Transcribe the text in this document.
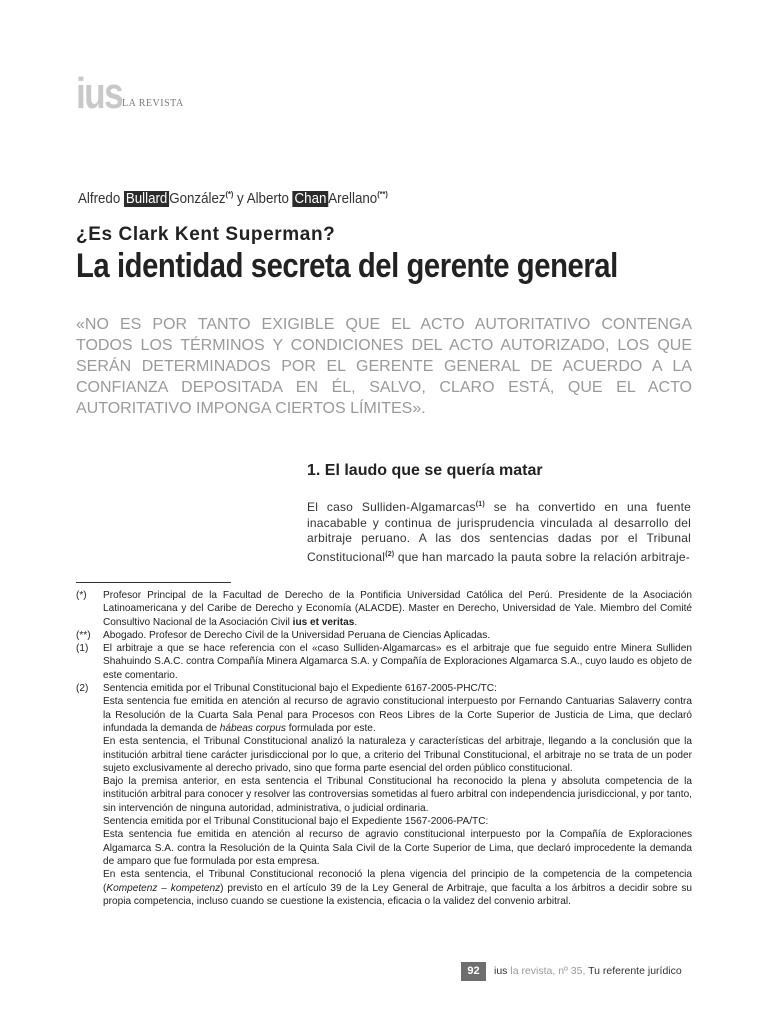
ius LA REVISTA
Alfredo Bullard González(*) y Alberto Chan Arellano(**)
¿Es Clark Kent Superman?
La identidad secreta del gerente general
«NO ES POR TANTO EXIGIBLE QUE EL ACTO AUTORITATIVO CONTENGA TODOS LOS TÉRMINOS Y CONDICIONES DEL ACTO AUTORIZADO, LOS QUE SERÁN DETERMINADOS POR EL GERENTE GENERAL DE ACUERDO A LA CONFIANZA DEPOSITADA EN ÉL, SALVO, CLARO ESTÁ, QUE EL ACTO AUTORITATIVO IMPONGA CIERTOS LÍMITES».
1. El laudo que se quería matar
El caso Sulliden-Algamarcas$^{(1)}$ se ha convertido en una fuente inacabable y continua de jurisprudencia vinculada al desarrollo del arbitraje peruano. A las dos sentencias dadas por el Tribunal Constitucional$^{(2)}$ que han marcado la pauta sobre la relación arbitraje-
(*)	Profesor Principal de la Facultad de Derecho de la Pontificia Universidad Católica del Perú. Presidente de la Asociación Latinoamericana y del Caribe de Derecho y Economía (ALACDE). Master en Derecho, Universidad de Yale. Miembro del Comité Consultivo Nacional de la Asociación Civil ius et veritas.
(**)	Abogado. Profesor de Derecho Civil de la Universidad Peruana de Ciencias Aplicadas.
(1)	El arbitraje a que se hace referencia con el «caso Sulliden-Algamarcas» es el arbitraje que fue seguido entre Minera Sulliden Shahuindo S.A.C. contra Compañía Minera Algamarca S.A. y Compañía de Exploraciones Algamarca S.A., cuyo laudo es objeto de este comentario.
(2)	Sentencia emitida por el Tribunal Constitucional bajo el Expediente 6167-2005-PHC/TC:

Esta sentencia fue emitida en atención al recurso de agravio constitucional interpuesto por Fernando Cantuarias Salaverry contra la Resolución de la Cuarta Sala Penal para Procesos con Reos Libres de la Corte Superior de Justicia de Lima, que declaró infundada la demanda de hábeas corpus formulada por este.

En esta sentencia, el Tribunal Constitucional analizó la naturaleza y características del arbitraje, llegando a la conclusión que la institución arbitral tiene carácter jurisdiccional por lo que, a criterio del Tribunal Constitucional, el arbitraje no se trata de un poder sujeto exclusivamente al derecho privado, sino que forma parte esencial del orden público constitucional.

Bajo la premisa anterior, en esta sentencia el Tribunal Constitucional ha reconocido la plena y absoluta competencia de la institución arbitral para conocer y resolver las controversias sometidas al fuero arbitral con independencia jurisdiccional, y por tanto, sin intervención de ninguna autoridad, administrativa, o judicial ordinaria.

Sentencia emitida por el Tribunal Constitucional bajo el Expediente 1567-2006-PA/TC:

Esta sentencia fue emitida en atención al recurso de agravio constitucional interpuesto por la Compañía de Exploraciones Algamarca S.A. contra la Resolución de la Quinta Sala Civil de la Corte Superior de Lima, que declaró improcedente la demanda de amparo que fue formulada por esta empresa.

En esta sentencia, el Tribunal Constitucional reconoció la plena vigencia del principio de la competencia de la competencia (Kompetenz – kompetenz) previsto en el artículo 39 de la Ley General de Arbitraje, que faculta a los árbitros a decidir sobre su propia competencia, incluso cuando se cuestione la existencia, eficacia o la validez del convenio arbitral.

92	ius la revista, nº 35, Tu referente jurídico
